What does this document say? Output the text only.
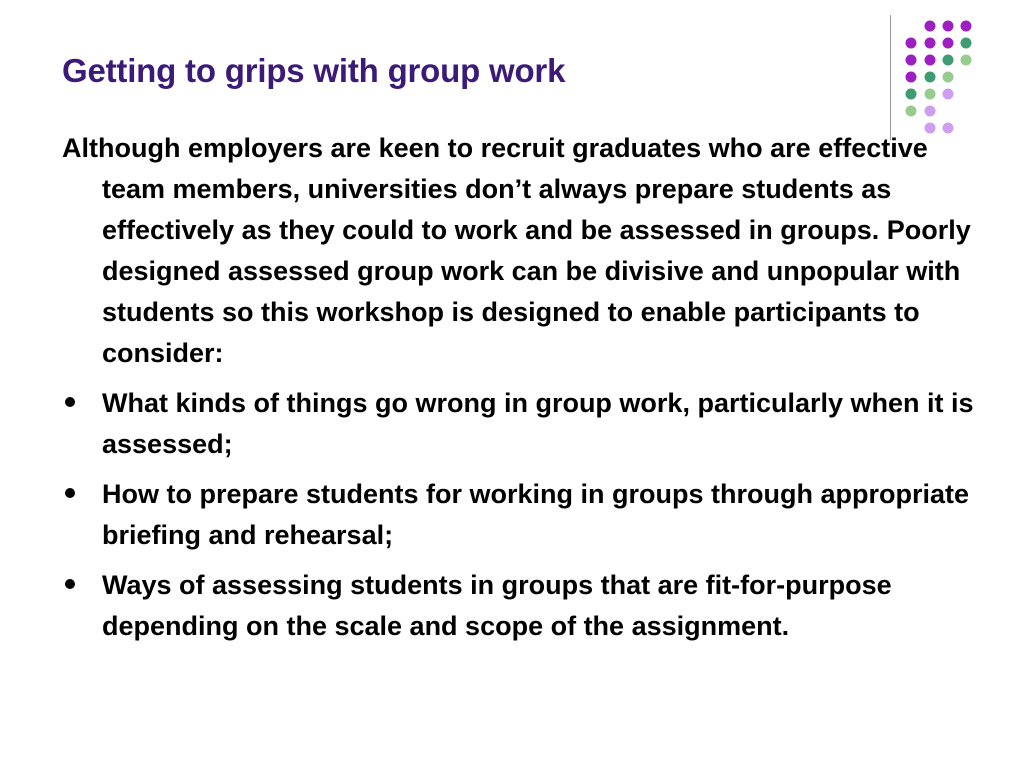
Getting to grips with group work

Although employers are keen to recruit graduates who are effective team members, universities don’t always prepare students as effectively as they could to work and be assessed in groups. Poorly designed assessed group work can be divisive and unpopular with students so this workshop is designed to enable participants to consider:

What kinds of things go wrong in group work, particularly when it is assessed;
How to prepare students for working in groups through appropriate briefing and rehearsal;
Ways of assessing students in groups that are fit-for-purpose depending on the scale and scope of the assignment.
